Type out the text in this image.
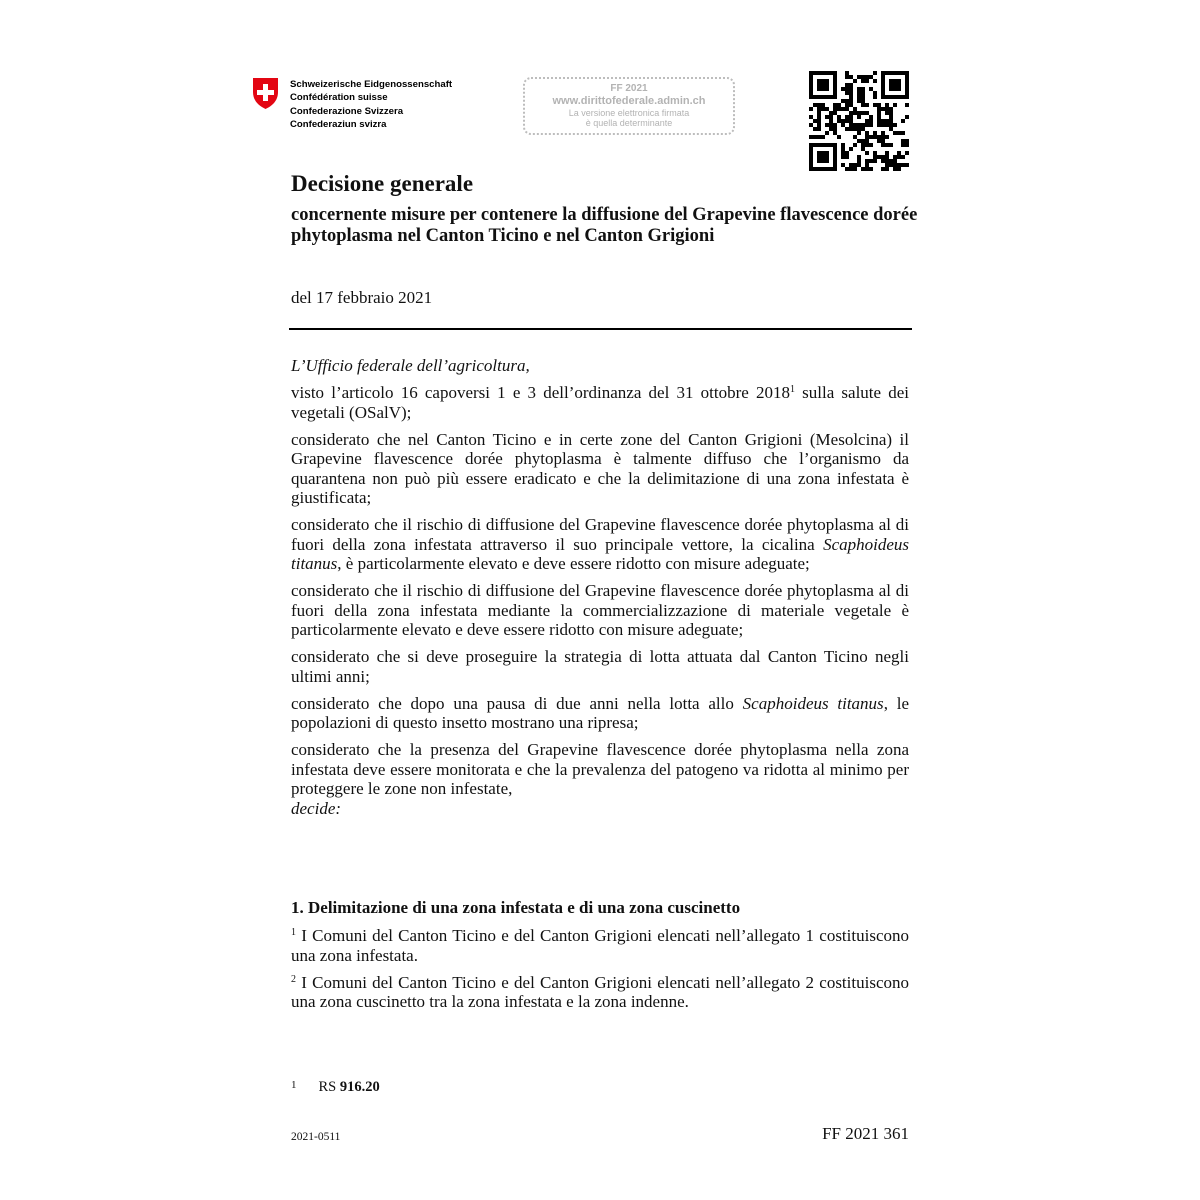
Schweizerische Eidgenossenschaft
Confédération suisse
Confederazione Svizzera
Confederaziun svizra
FF 2021
www.dirittofederale.admin.ch
La versione elettronica firmata
è quella determinante
Decisione generale
concernente misure per contenere la diffusione del Grapevine flavescence dorée phytoplasma nel Canton Ticino e nel Canton Grigioni
del 17 febbraio 2021

L’Ufficio federale dell’agricoltura,

visto l’articolo 16 capoversi 1 e 3 dell’ordinanza del 31 ottobre 2018$^1$ sulla salute dei vegetali (OSalV);

considerato che nel Canton Ticino e in certe zone del Canton Grigioni (Mesolcina) il Grapevine flavescence dorée phytoplasma è talmente diffuso che l’organismo da quarantena non può più essere eradicato e che la delimitazione di una zona infestata è giustificata;

considerato che il rischio di diffusione del Grapevine flavescence dorée phytoplasma al di fuori della zona infestata attraverso il suo principale vettore, la cicalina Scaphoideus titanus, è particolarmente elevato e deve essere ridotto con misure adeguate;

considerato che il rischio di diffusione del Grapevine flavescence dorée phytoplasma al di fuori della zona infestata mediante la commercializzazione di materiale vegetale è particolarmente elevato e deve essere ridotto con misure adeguate;

considerato che si deve proseguire la strategia di lotta attuata dal Canton Ticino negli ultimi anni;

considerato che dopo una pausa di due anni nella lotta allo Scaphoideus titanus, le popolazioni di questo insetto mostrano una ripresa;

considerato che la presenza del Grapevine flavescence dorée phytoplasma nella zona infestata deve essere monitorata e che la prevalenza del patogeno va ridotta al minimo per proteggere le zone non infestate,

decide:

1. Delimitazione di una zona infestata e di una zona cuscinetto

$^1$ I Comuni del Canton Ticino e del Canton Grigioni elencati nell’allegato 1 costituiscono una zona infestata.

$^2$ I Comuni del Canton Ticino e del Canton Grigioni elencati nell’allegato 2 costituiscono una zona cuscinetto tra la zona infestata e la zona indenne.

$^1$ RS 916.20
2021-0511	FF 2021 361
